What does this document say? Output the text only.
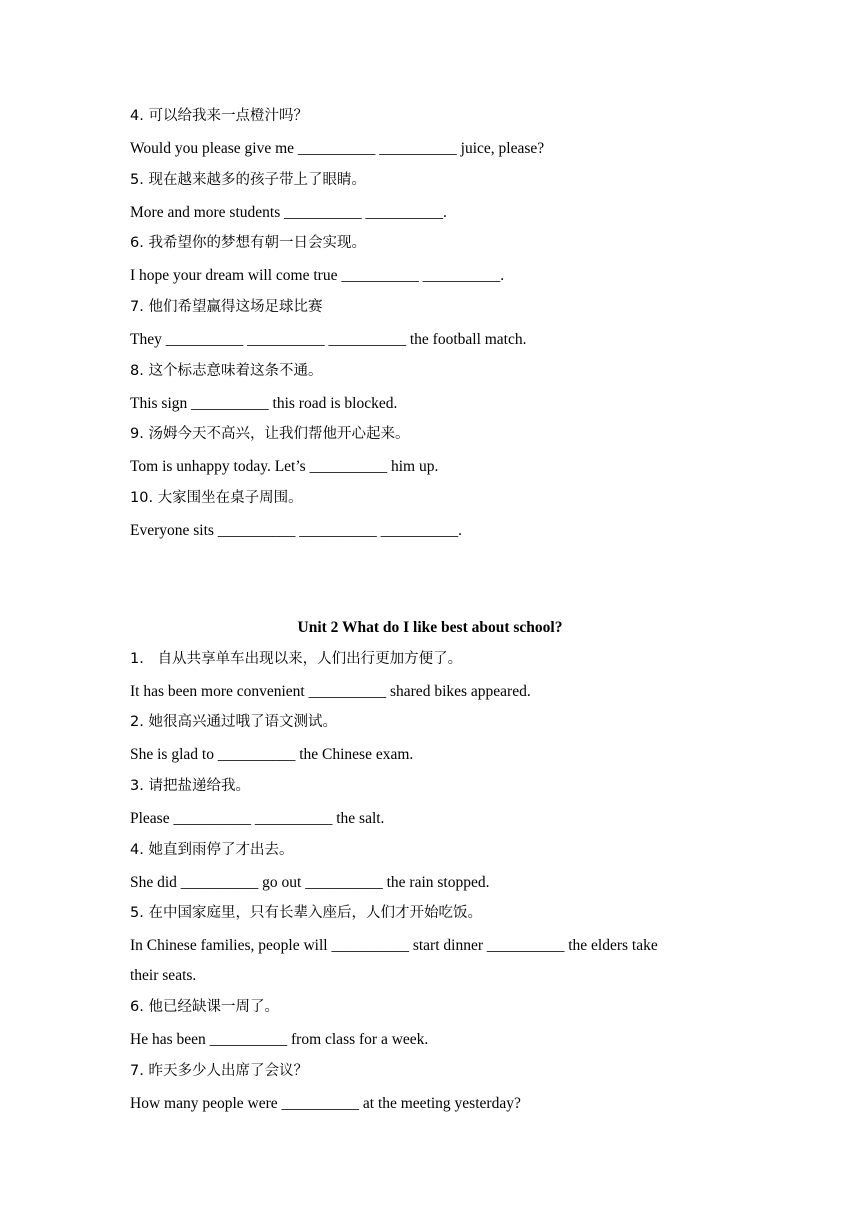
4. 可以给我来一点橙汁吗？
Would you please give me __________ __________ juice, please?
5. 现在越来越多的孩子带上了眼睛。
More and more students __________ __________.
6. 我希望你的梦想有朝一日会实现。
I hope your dream will come true __________ __________.
7. 他们希望赢得这场足球比赛
They __________ __________ __________ the football match.
8. 这个标志意味着这条不通。
This sign __________ this road is blocked.
9. 汤姆今天不高兴，让我们帮他开心起来。
Tom is unhappy today. Let’s __________ him up.
10. 大家围坐在桌子周围。
Everyone sits __________ __________ __________.
Unit 2 What do I like best about school?
1.   自从共享单车出现以来，人们出行更加方便了。
It has been more convenient __________ shared bikes appeared.
2. 她很高兴通过哦了语文测试。
She is glad to __________ the Chinese exam.
3. 请把盐递给我。
Please __________ __________ the salt.
4. 她直到雨停了才出去。
She did __________ go out __________ the rain stopped.
5. 在中国家庭里，只有长辈入座后，人们才开始吃饭。
In Chinese families, people will __________ start dinner __________ the elders take
their seats.
6. 他已经缺课一周了。
He has been __________ from class for a week.
7. 昨天多少人出席了会议？
How many people were __________ at the meeting yesterday?
